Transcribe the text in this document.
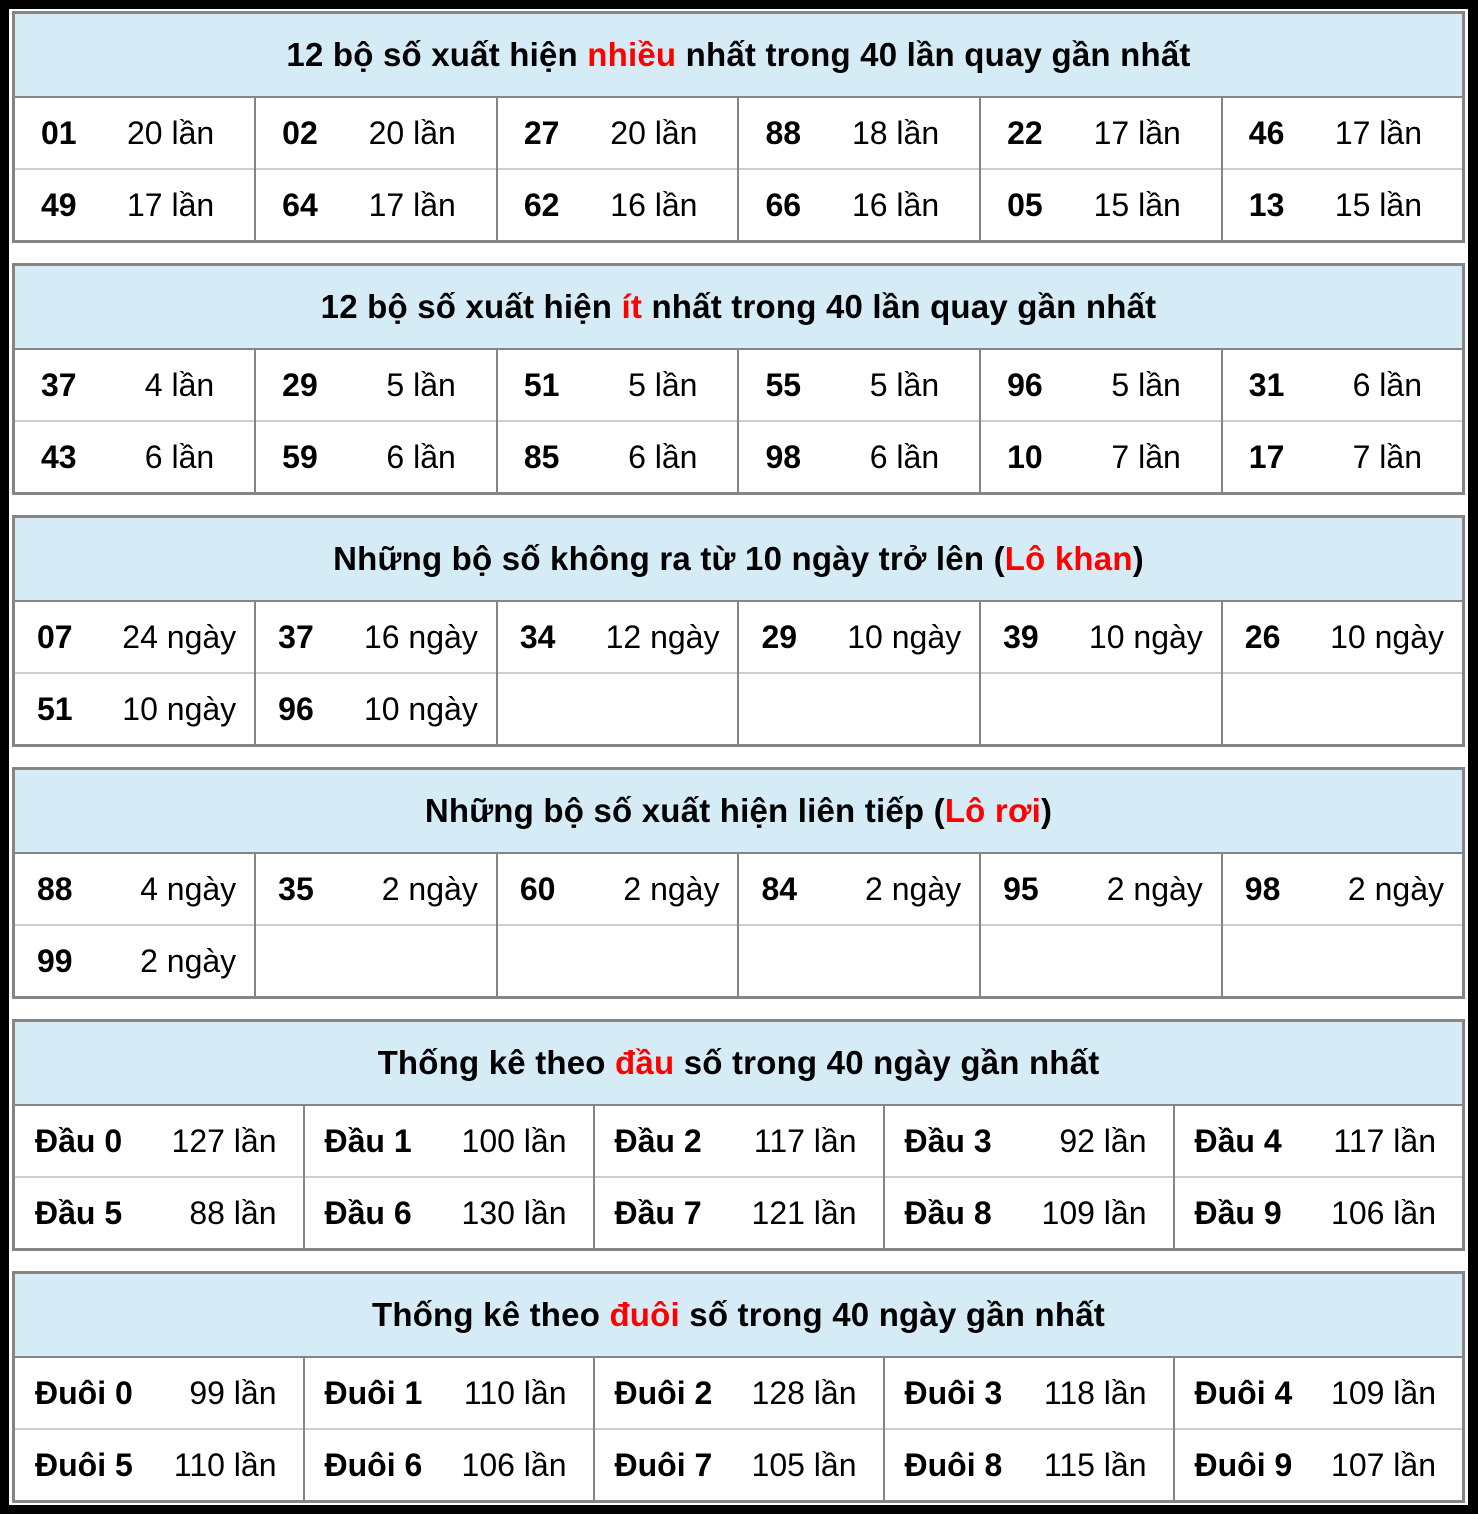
12 bộ số xuất hiện nhiều nhất trong 40 lần quay gần nhất					

01 20 lần	02 20 lần	27 20 lần	88 18 lần	22 17 lần	46 17 lần

49 17 lần	64 17 lần	62 16 lần	66 16 lần	05 15 lần	13 15 lần
12 bộ số xuất hiện ít nhất trong 40 lần quay gần nhất					

37 4 lần	29 5 lần	51 5 lần	55 5 lần	96 5 lần	31 6 lần

43 6 lần	59 6 lần	85 6 lần	98 6 lần	10 7 lần	17 7 lần
Những bộ số không ra từ 10 ngày trở lên (Lô khan)					

07 24 ngày	37 16 ngày	34 12 ngày	29 10 ngày	39 10 ngày	26 10 ngày

51 10 ngày	96 10 ngày				

Những bộ số xuất hiện liên tiếp (Lô rơi)					

88 4 ngày	35 2 ngày	60 2 ngày	84 2 ngày	95 2 ngày	98 2 ngày

99 2 ngày					

Thống kê theo đầu số trong 40 ngày gần nhất				

Đầu 0 127 lần	Đầu 1 100 lần	Đầu 2 117 lần	Đầu 3 92 lần	Đầu 4 117 lần

Đầu 5 88 lần	Đầu 6 130 lần	Đầu 7 121 lần	Đầu 8 109 lần	Đầu 9 106 lần
Thống kê theo đuôi số trong 40 ngày gần nhất				

Đuôi 0 99 lần	Đuôi 1 110 lần	Đuôi 2 128 lần	Đuôi 3 118 lần	Đuôi 4 109 lần

Đuôi 5 110 lần	Đuôi 6 106 lần	Đuôi 7 105 lần	Đuôi 8 115 lần	Đuôi 9 107 lần
